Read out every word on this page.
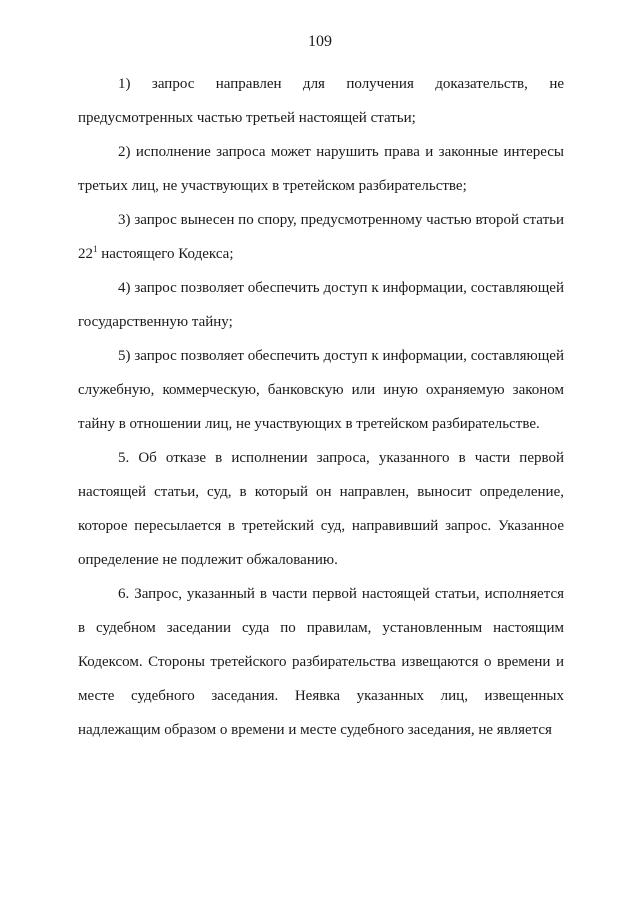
109

1)     запрос     направлен     для     получения     доказательств,     не предусмотренных частью третьей настоящей статьи;

2) исполнение запроса может нарушить права и законные интересы третьих лиц, не участвующих в третейском разбирательстве;

3) запрос вынесен по спору, предусмотренному частью второй статьи $22^1$ настоящего Кодекса;

4) запрос позволяет обеспечить доступ к информации, составляющей государственную тайну;

5) запрос позволяет обеспечить доступ к информации, составляющей служебную, коммерческую, банковскую или иную охраняемую законом тайну в отношении лиц, не участвующих в третейском разбирательстве.

5. Об отказе в исполнении запроса, указанного в части первой настоящей статьи, суд, в который он направлен, выносит определение, которое пересылается в третейский суд, направивший запрос. Указанное определение не подлежит обжалованию.

6. Запрос, указанный в части первой настоящей статьи, исполняется в судебном заседании суда по правилам, установленным настоящим Кодексом. Стороны третейского разбирательства извещаются о времени и месте судебного заседания. Неявка указанных лиц, извещенных надлежащим образом о времени и месте судебного заседания, не является
